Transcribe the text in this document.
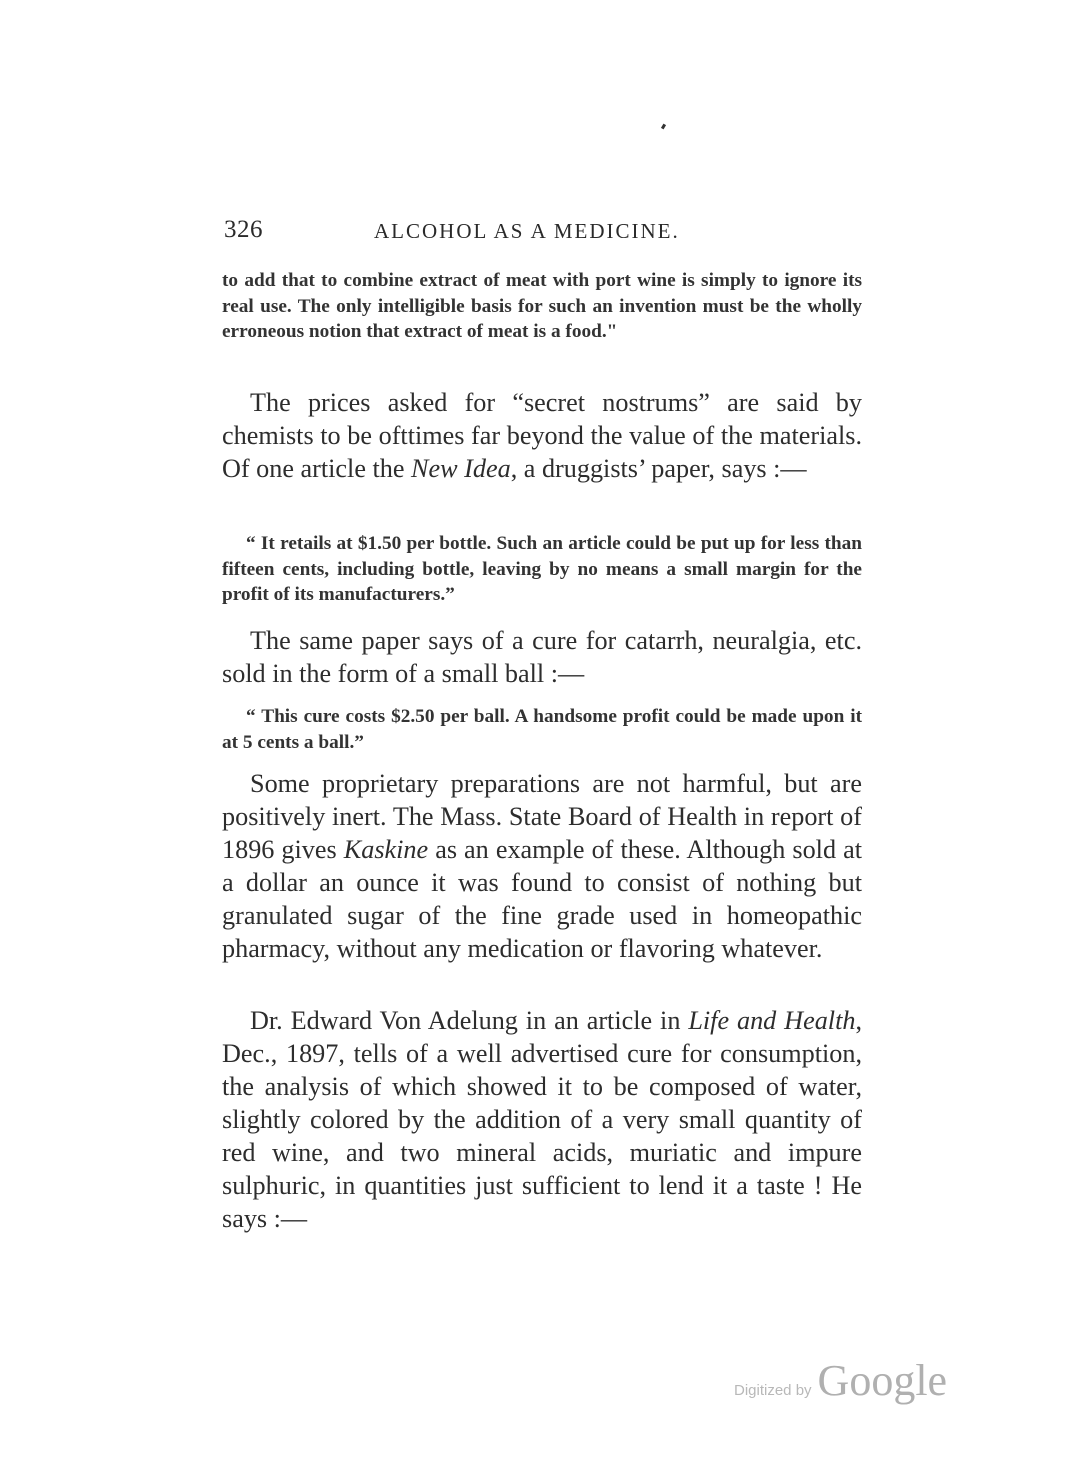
326	ALCOHOL AS A MEDICINE.

to add that to combine extract of meat with port wine is simply to ignore its real use. The only intelligible basis for such an invention must be the wholly erroneous notion that extract of meat is a food."

The prices asked for “secret nostrums” are said by chemists to be ofttimes far beyond the value of the materials. Of one article the New Idea, a druggists’ paper, says :—

“ It retails at $1.50 per bottle. Such an article could be put up for less than fifteen cents, including bottle, leaving by no means a small margin for the profit of its manufacturers.”

The same paper says of a cure for catarrh, neuralgia, etc. sold in the form of a small ball :—

“ This cure costs $2.50 per ball. A handsome profit could be made upon it at 5 cents a ball.”

Some proprietary preparations are not harmful, but are positively inert. The Mass. State Board of Health in report of 1896 gives Kaskine as an example of these. Although sold at a dollar an ounce it was found to consist of nothing but granulated sugar of the fine grade used in homeopathic pharmacy, without any medication or flavoring whatever.

Dr. Edward Von Adelung in an article in Life and Health, Dec., 1897, tells of a well advertised cure for consumption, the analysis of which showed it to be composed of water, slightly colored by the addition of a very small quantity of red wine, and two mineral acids, muriatic and impure sulphuric, in quantities just sufficient to lend it a taste ! He says :—

Digitized by Google
